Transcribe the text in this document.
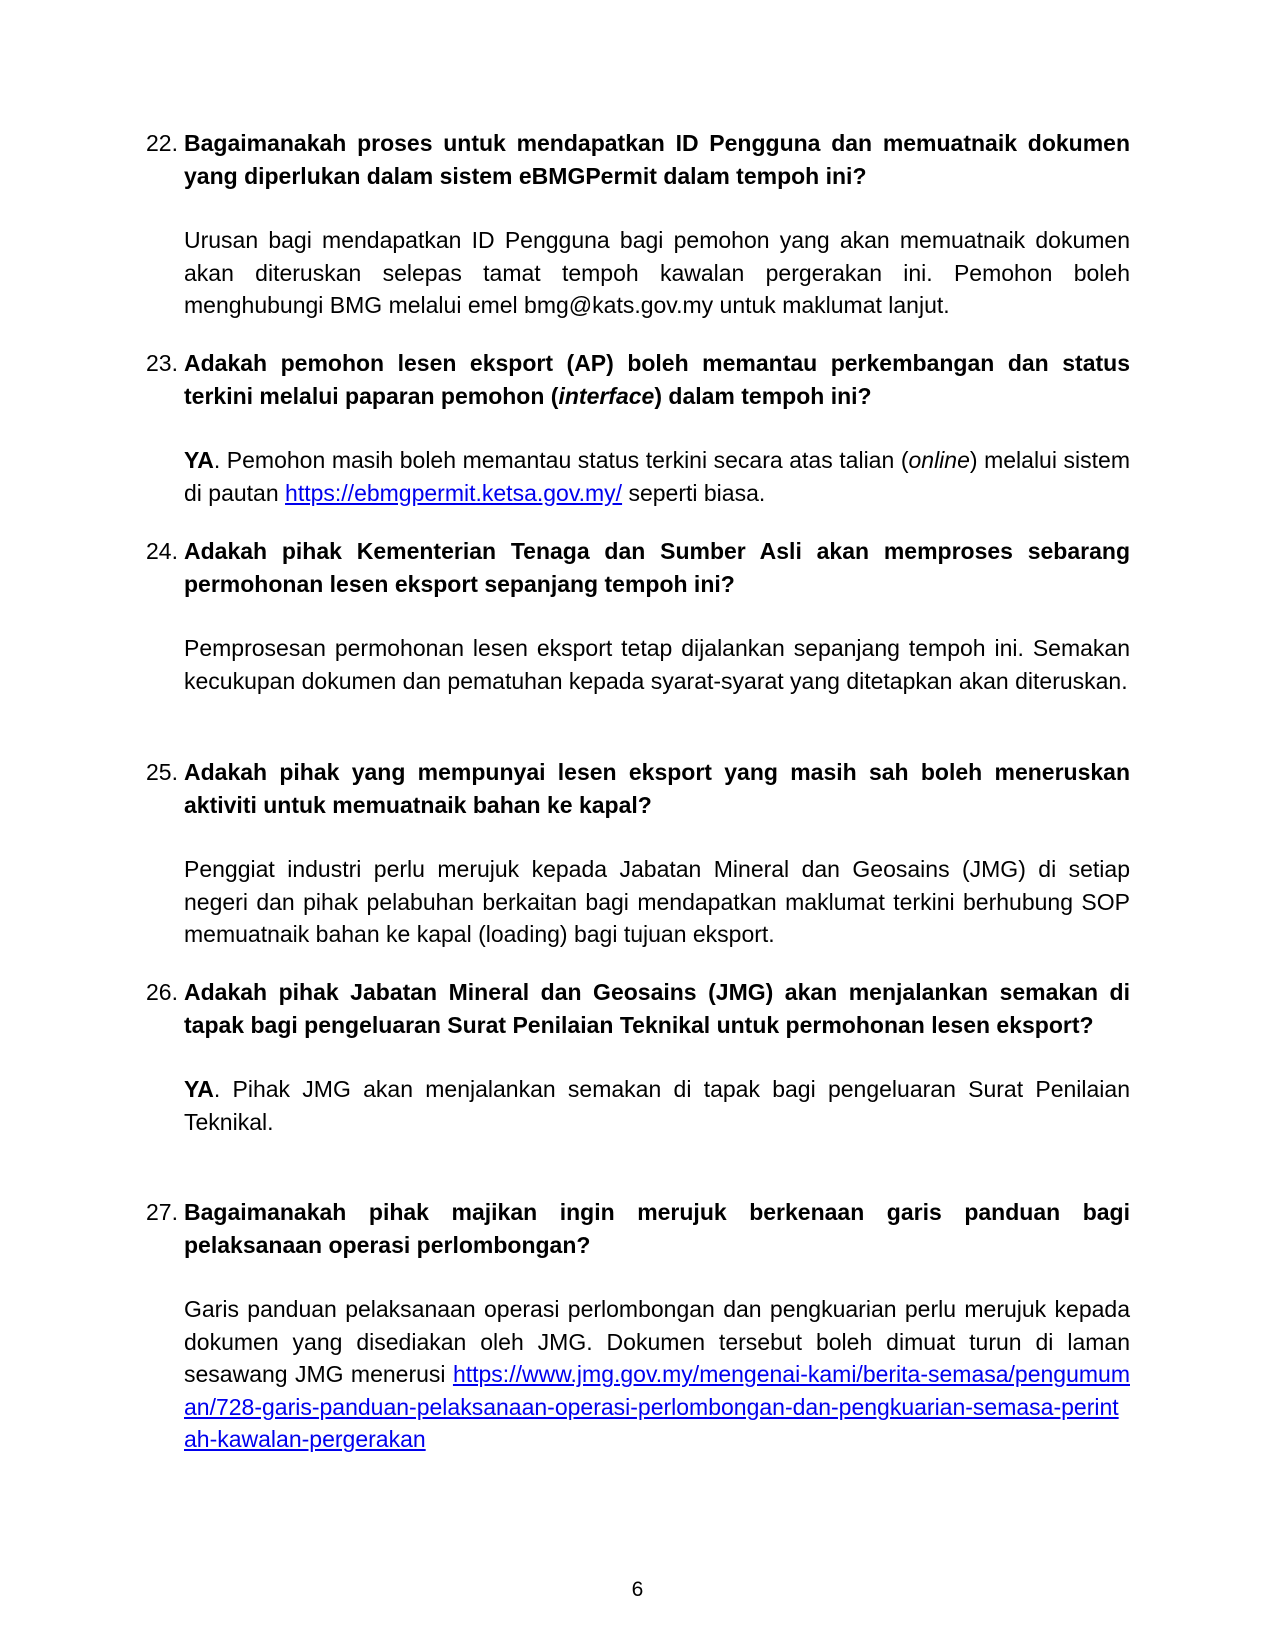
22. Bagaimanakah proses untuk mendapatkan ID Pengguna dan memuatnaik dokumen yang diperlukan dalam sistem eBMGPermit dalam tempoh ini?
Urusan bagi mendapatkan ID Pengguna bagi pemohon yang akan memuatnaik dokumen akan diteruskan selepas tamat tempoh kawalan pergerakan ini. Pemohon boleh menghubungi BMG melalui emel bmg@kats.gov.my untuk maklumat lanjut.
23. Adakah pemohon lesen eksport (AP) boleh memantau perkembangan dan status terkini melalui paparan pemohon (interface) dalam tempoh ini?
YA. Pemohon masih boleh memantau status terkini secara atas talian (online) melalui sistem di pautan https://ebmgpermit.ketsa.gov.my/ seperti biasa.
24. Adakah pihak Kementerian Tenaga dan Sumber Asli akan memproses sebarang permohonan lesen eksport sepanjang tempoh ini?
Pemprosesan permohonan lesen eksport tetap dijalankan sepanjang tempoh ini. Semakan kecukupan dokumen dan pematuhan kepada syarat-syarat yang ditetapkan akan diteruskan.
25. Adakah pihak yang mempunyai lesen eksport yang masih sah boleh meneruskan aktiviti untuk memuatnaik bahan ke kapal?
Penggiat industri perlu merujuk kepada Jabatan Mineral dan Geosains (JMG) di setiap negeri dan pihak pelabuhan berkaitan bagi mendapatkan maklumat terkini berhubung SOP memuatnaik bahan ke kapal (loading) bagi tujuan eksport.
26. Adakah pihak Jabatan Mineral dan Geosains (JMG) akan menjalankan semakan di tapak bagi pengeluaran Surat Penilaian Teknikal untuk permohonan lesen eksport?
YA. Pihak JMG akan menjalankan semakan di tapak bagi pengeluaran Surat Penilaian Teknikal.
27. Bagaimanakah pihak majikan ingin merujuk berkenaan garis panduan bagi pelaksanaan operasi perlombongan?
Garis panduan pelaksanaan operasi perlombongan dan pengkuarian perlu merujuk kepada dokumen yang disediakan oleh JMG. Dokumen tersebut boleh dimuat turun di laman sesawang JMG menerusi https://www.jmg.gov.my/mengenai-kami/berita-semasa/pengumuman/728-garis-panduan-pelaksanaan-operasi-perlombongan-dan-pengkuarian-semasa-perintah-kawalan-pergerakan
6
